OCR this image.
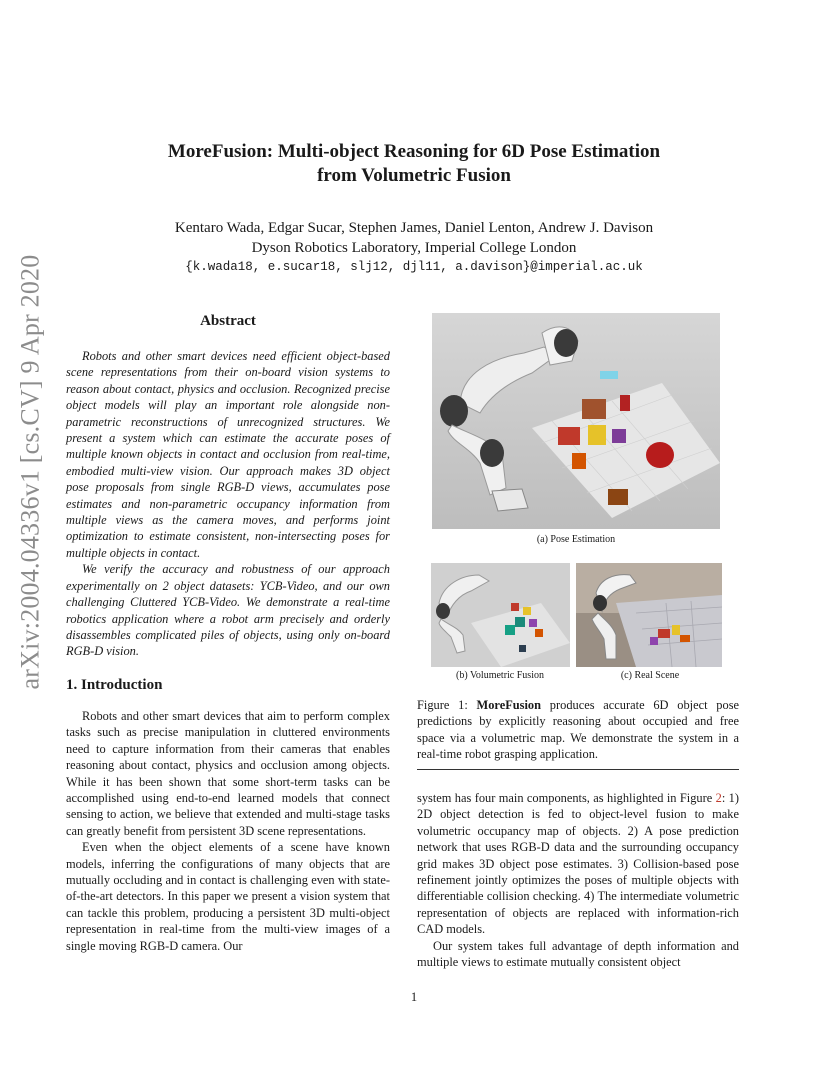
arXiv:2004.04336v1 [cs.CV] 9 Apr 2020
MoreFusion: Multi-object Reasoning for 6D Pose Estimation
from Volumetric Fusion
Kentaro Wada, Edgar Sucar, Stephen James, Daniel Lenton, Andrew J. Davison
Dyson Robotics Laboratory, Imperial College London
{k.wada18, e.sucar18, slj12, djl11, a.davison}@imperial.ac.uk
Abstract

Robots and other smart devices need efficient object-based scene representations from their on-board vision systems to reason about contact, physics and occlusion. Recognized precise object models will play an important role alongside non-parametric reconstructions of unrecognized structures. We present a system which can estimate the accurate poses of multiple known objects in contact and occlusion from real-time, embodied multi-view vision. Our approach makes 3D object pose proposals from single RGB-D views, accumulates pose estimates and non-parametric occupancy information from multiple views as the camera moves, and performs joint optimization to estimate consistent, non-intersecting poses for multiple objects in contact.

We verify the accuracy and robustness of our approach experimentally on 2 object datasets: YCB-Video, and our own challenging Cluttered YCB-Video. We demonstrate a real-time robotics application where a robot arm precisely and orderly disassembles complicated piles of objects, using only on-board RGB-D vision.

1. Introduction

Robots and other smart devices that aim to perform complex tasks such as precise manipulation in cluttered environments need to capture information from their cameras that enables reasoning about contact, physics and occlusion among objects. While it has been shown that some short-term tasks can be accomplished using end-to-end learned models that connect sensing to action, we believe that extended and multi-stage tasks can greatly benefit from persistent 3D scene representations.

Even when the object elements of a scene have known models, inferring the configurations of many objects that are mutually occluding and in contact is challenging even with state-of-the-art detectors. In this paper we present a vision system that can tackle this problem, producing a persistent 3D multi-object representation in real-time from the multi-view images of a single moving RGB-D camera. Our

(a) Pose Estimation
(b) Volumetric Fusion	(c) Real Scene
Figure 1: MoreFusion produces accurate 6D object pose predictions by explicitly reasoning about occupied and free space via a volumetric map. We demonstrate the system in a real-time robot grasping application.

system has four main components, as highlighted in Figure 2: 1) 2D object detection is fed to object-level fusion to make volumetric occupancy map of objects. 2) A pose prediction network that uses RGB-D data and the surrounding occupancy grid makes 3D object pose estimates. 3) Collision-based pose refinement jointly optimizes the poses of multiple objects with differentiable collision checking. 4) The intermediate volumetric representation of objects are replaced with information-rich CAD models.

Our system takes full advantage of depth information and multiple views to estimate mutually consistent object

1
